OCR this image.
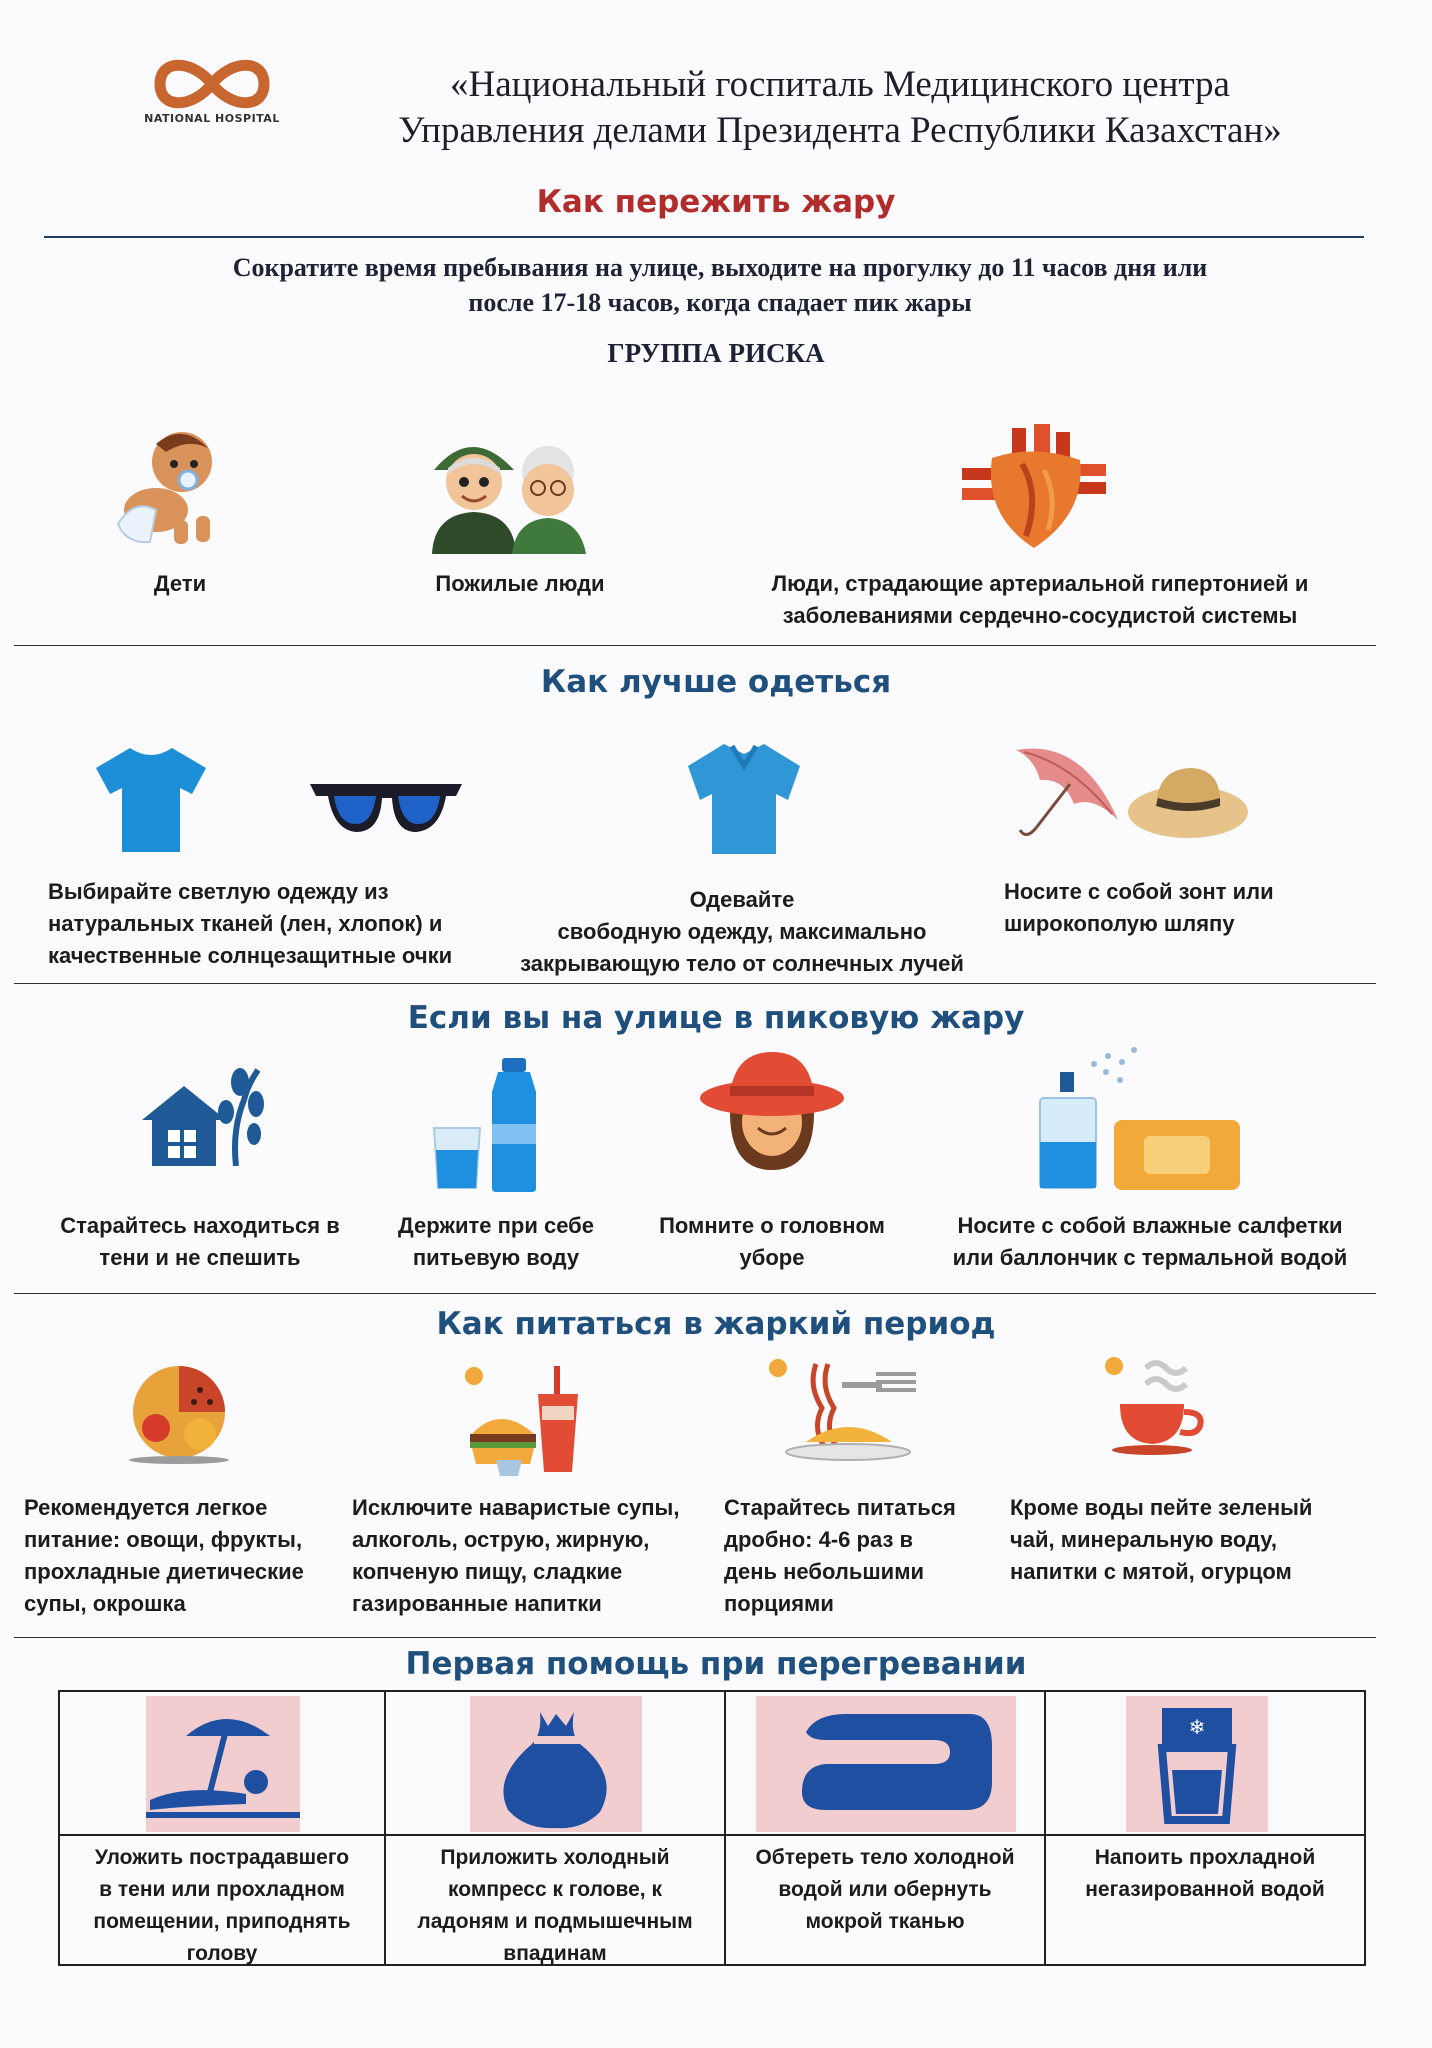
NATIONAL HOSPITAL
«Национальный госпиталь Медицинского центра
Управления делами Президента Республики Казахстан»
Как пережить жару
Сократите время пребывания на улице, выходите на прогулку до 11 часов дня или
после 17-18 часов, когда спадает пик жары
ГРУППА РИСКА
Дети	Пожилые люди	Люди, страдающие артериальной гипертонией и
заболеваниями сердечно-сосудистой системы
Как лучше одеться
Выбирайте светлую одежду из
натуральных тканей (лен, хлопок) и
качественные солнцезащитные очки
Одевайте
свободную одежду, максимально
закрывающую тело от солнечных лучей
Носите с собой зонт или
широкополую шляпу
Если вы на улице в пиковую жару
Старайтесь находиться в
тени и не спешить
Держите при себе
питьевую воду
Помните о головном
уборе
Носите с собой влажные салфетки
или баллончик с термальной водой
Как питаться в жаркий период
Рекомендуется легкое
питание: овощи, фрукты,
прохладные диетические
супы, окрошка
Исключите наваристые супы,
алкоголь, острую, жирную,
копченую пищу, сладкие
газированные напитки
Старайтесь питаться
дробно: 4-6 раз в
день небольшими
порциями
Кроме воды пейте зеленый
чай, минеральную воду,
напитки с мятой, огурцом
Первая помощь при перегревании
Уложить пострадавшего
в тени или прохладном
помещении, приподнять
голову
Приложить холодный
компресс к голове, к
ладоням и подмышечным
впадинам
Обтереть тело холодной
водой или обернуть
мокрой тканью
❄
Напоить прохладной
негазированной водой
